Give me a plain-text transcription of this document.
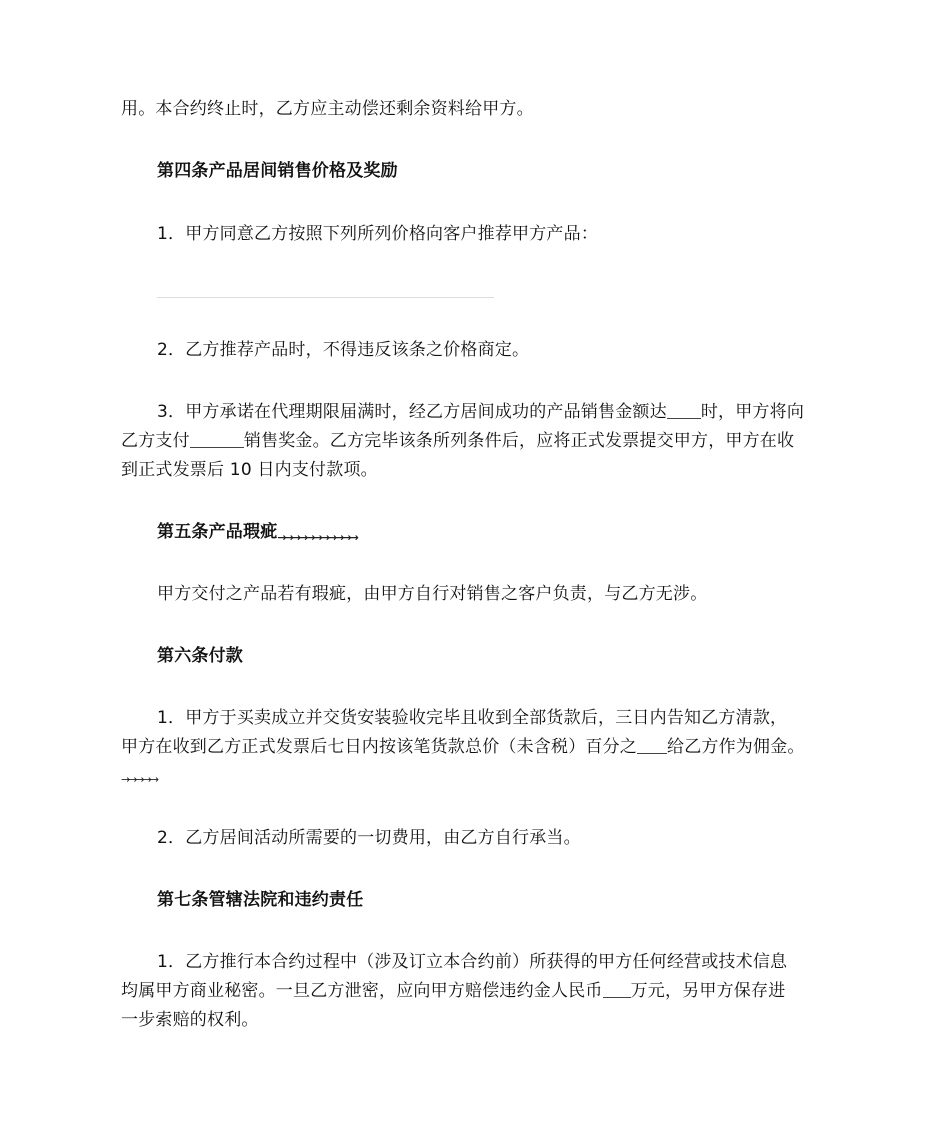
用。本合约终止时，乙方应主动偿还剩余资料给甲方。
第四条产品居间销售价格及奖励
1．甲方同意乙方按照下列所列价格向客户推荐甲方产品：
2．乙方推荐产品时，不得违反该条之价格商定。
3．甲方承诺在代理期限届满时，经乙方居间成功的产品销售金额达 时，甲方将向
乙方支付	销售奖金。乙方完毕该条所列条件后，应将正式发票提交甲方，甲方在收
到正式发票后 10 日内支付款项。
第五条产品瑕疵→→→→→→→→→→→
甲方交付之产品若有瑕疵，由甲方自行对销售之客户负责，与乙方无涉。
第六条付款
1．甲方于买卖成立并交货安装验收完毕且收到全部货款后，三日内告知乙方清款，
甲方在收到乙方正式发票后七日内按该笔货款总价（未含税）百分之 给乙方作为佣金。
→→→→→
2．乙方居间活动所需要的一切费用，由乙方自行承当。
第七条管辖法院和违约责任
1．乙方推行本合约过程中（涉及订立本合约前）所获得的甲方任何经营或技术信息
均属甲方商业秘密。一旦乙方泄密，应向甲方赔偿违约金人民币 万元，另甲方保存进
一步索赔的权利。
